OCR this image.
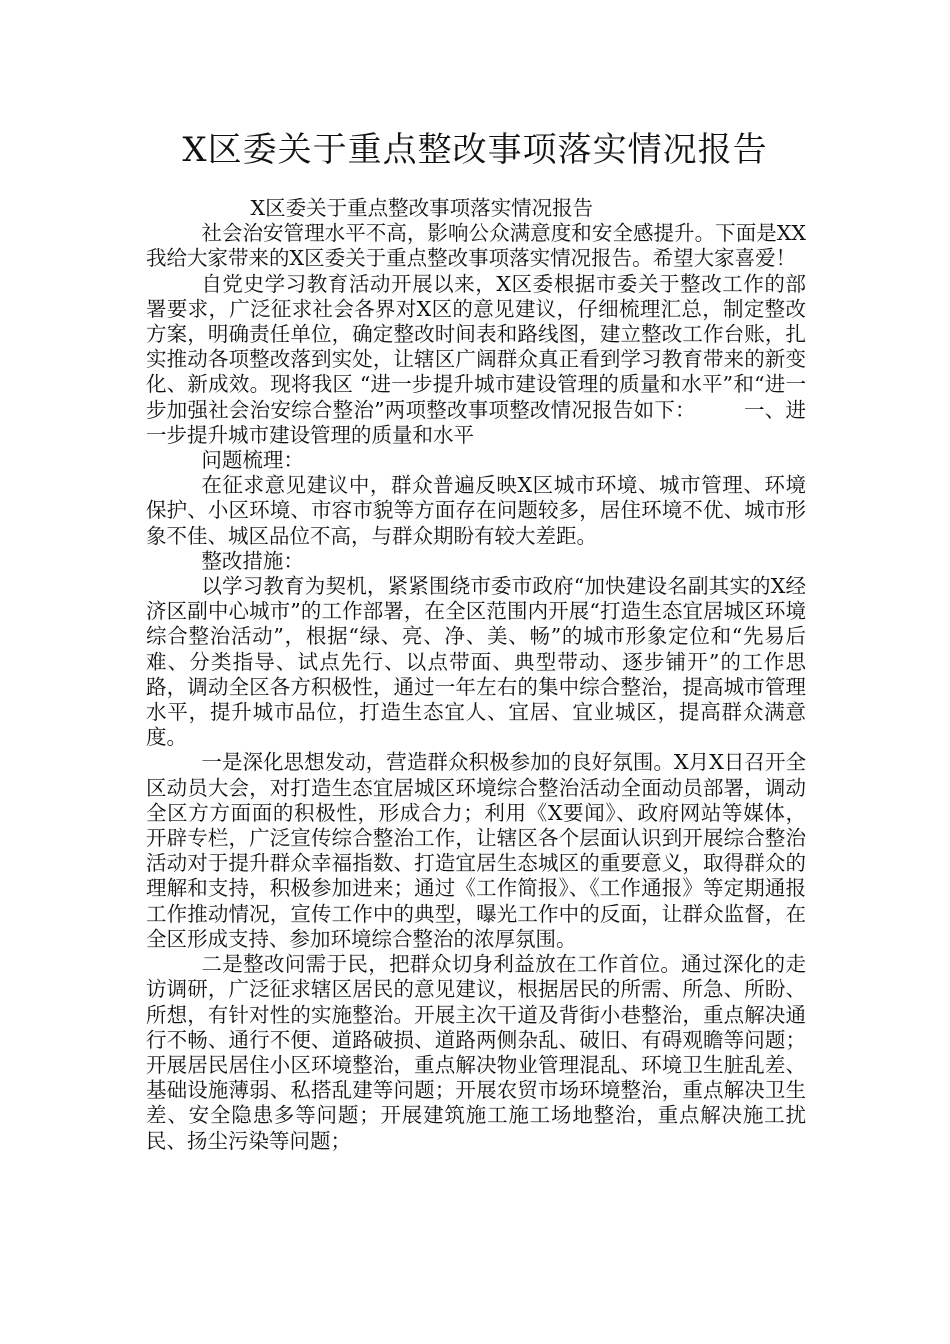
X区委关于重点整改事项落实情况报告

X区委关于重点整改事项落实情况报告

社会治安管理水平不高，影响公众满意度和安全感提升。下面是XX我给大家带来的X区委关于重点整改事项落实情况报告。希望大家喜爱！

自党史学习教育活动开展以来，X区委根据市委关于整改工作的部署要求，广泛征求社会各界对X区的意见建议，仔细梳理汇总，制定整改方案，明确责任单位，确定整改时间表和路线图，建立整改工作台账，扎实推动各项整改落到实处，让辖区广阔群众真正看到学习教育带来的新变化、新成效。现将我区 “进一步提升城市建设管理的质量和水平”和“进一步加强社会治安综合整治”两项整改事项整改情况报告如下： 一、进一步提升城市建设管理的质量和水平

问题梳理：

在征求意见建议中，群众普遍反映X区城市环境、城市管理、环境保护、小区环境、市容市貌等方面存在问题较多，居住环境不优、城市形象不佳、城区品位不高，与群众期盼有较大差距。

整改措施：

以学习教育为契机，紧紧围绕市委市政府“加快建设名副其实的X经济区副中心城市”的工作部署，在全区范围内开展“打造生态宜居城区环境综合整治活动”，根据“绿、亮、净、美、畅”的城市形象定位和“先易后难、分类指导、试点先行、以点带面、典型带动、逐步铺开”的工作思路，调动全区各方积极性，通过一年左右的集中综合整治，提高城市管理水平，提升城市品位，打造生态宜人、宜居、宜业城区，提高群众满意度。

一是深化思想发动，营造群众积极参加的良好氛围。X月X日召开全区动员大会，对打造生态宜居城区环境综合整治活动全面动员部署，调动全区方方面面的积极性，形成合力；利用《X要闻》、政府网站等媒体，开辟专栏，广泛宣传综合整治工作，让辖区各个层面认识到开展综合整治活动对于提升群众幸福指数、打造宜居生态城区的重要意义，取得群众的理解和支持，积极参加进来；通过《工作简报》、《工作通报》等定期通报工作推动情况，宣传工作中的典型，曝光工作中的反面，让群众监督，在全区形成支持、参加环境综合整治的浓厚氛围。

二是整改问需于民，把群众切身利益放在工作首位。通过深化的走访调研，广泛征求辖区居民的意见建议，根据居民的所需、所急、所盼、所想，有针对性的实施整治。开展主次干道及背街小巷整治，重点解决通行不畅、通行不便、道路破损、道路两侧杂乱、破旧、有碍观瞻等问题；开展居民居住小区环境整治，重点解决物业管理混乱、环境卫生脏乱差、基础设施薄弱、私搭乱建等问题；开展农贸市场环境整治，重点解决卫生差、安全隐患多等问题；开展建筑施工施工场地整治，重点解决施工扰民、扬尘污染等问题；
